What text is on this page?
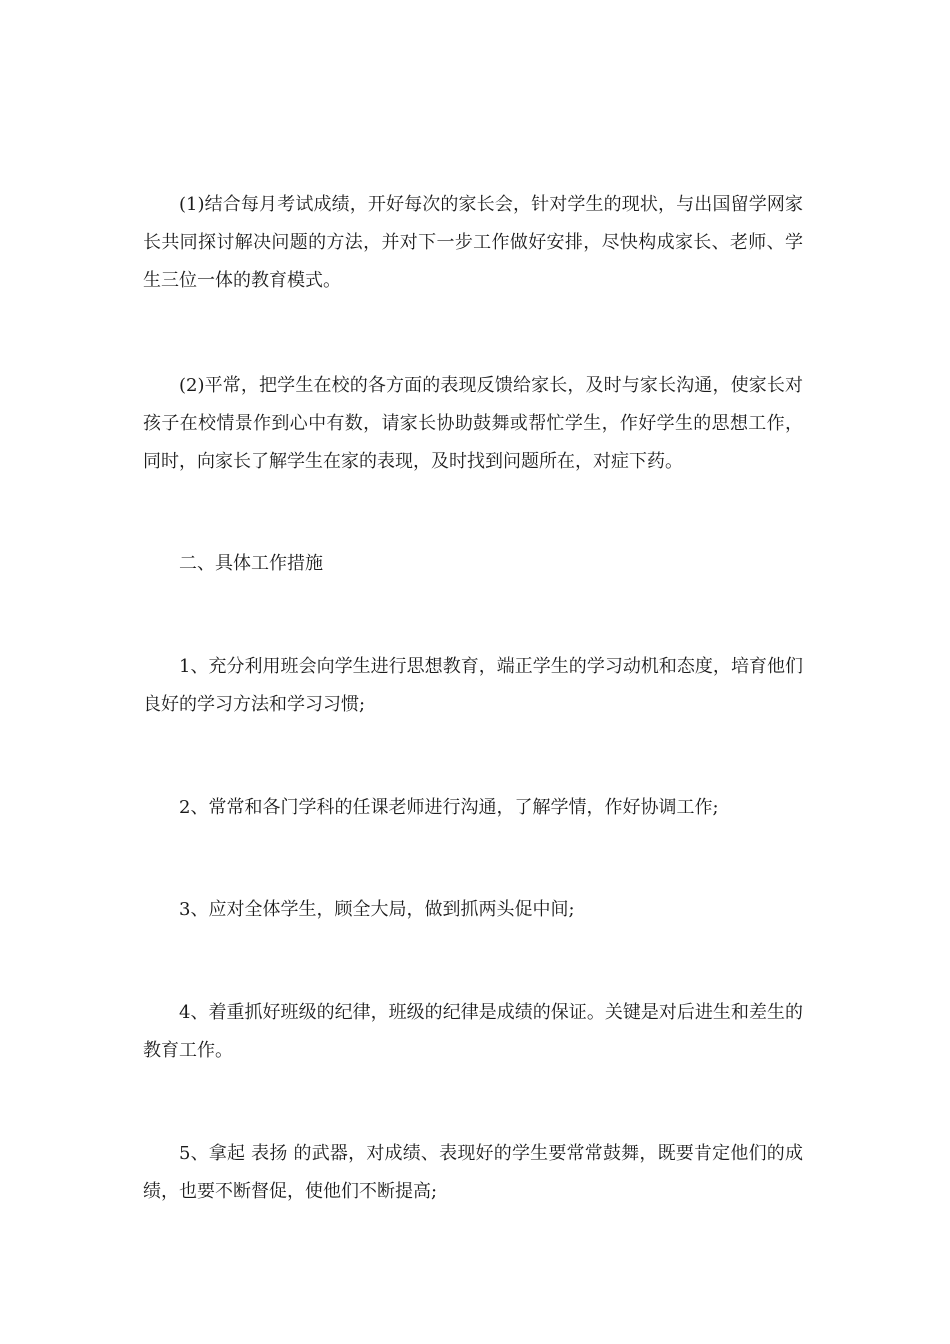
(1)结合每月考试成绩，开好每次的家长会，针对学生的现状，与出国留学网家长共同探讨解决问题的方法，并对下一步工作做好安排，尽快构成家长、老师、学生三位一体的教育模式。

(2)平常，把学生在校的各方面的表现反馈给家长，及时与家长沟通，使家长对孩子在校情景作到心中有数，请家长协助鼓舞或帮忙学生，作好学生的思想工作，同时，向家长了解学生在家的表现，及时找到问题所在，对症下药。

二、具体工作措施

1、充分利用班会向学生进行思想教育，端正学生的学习动机和态度，培育他们良好的学习方法和学习习惯;

2、常常和各门学科的任课老师进行沟通，了解学情，作好协调工作;

3、应对全体学生，顾全大局，做到抓两头促中间;

4、着重抓好班级的纪律，班级的纪律是成绩的保证。关键是对后进生和差生的教育工作。

5、拿起 表扬 的武器，对成绩、表现好的学生要常常鼓舞，既要肯定他们的成绩，也要不断督促，使他们不断提高;
